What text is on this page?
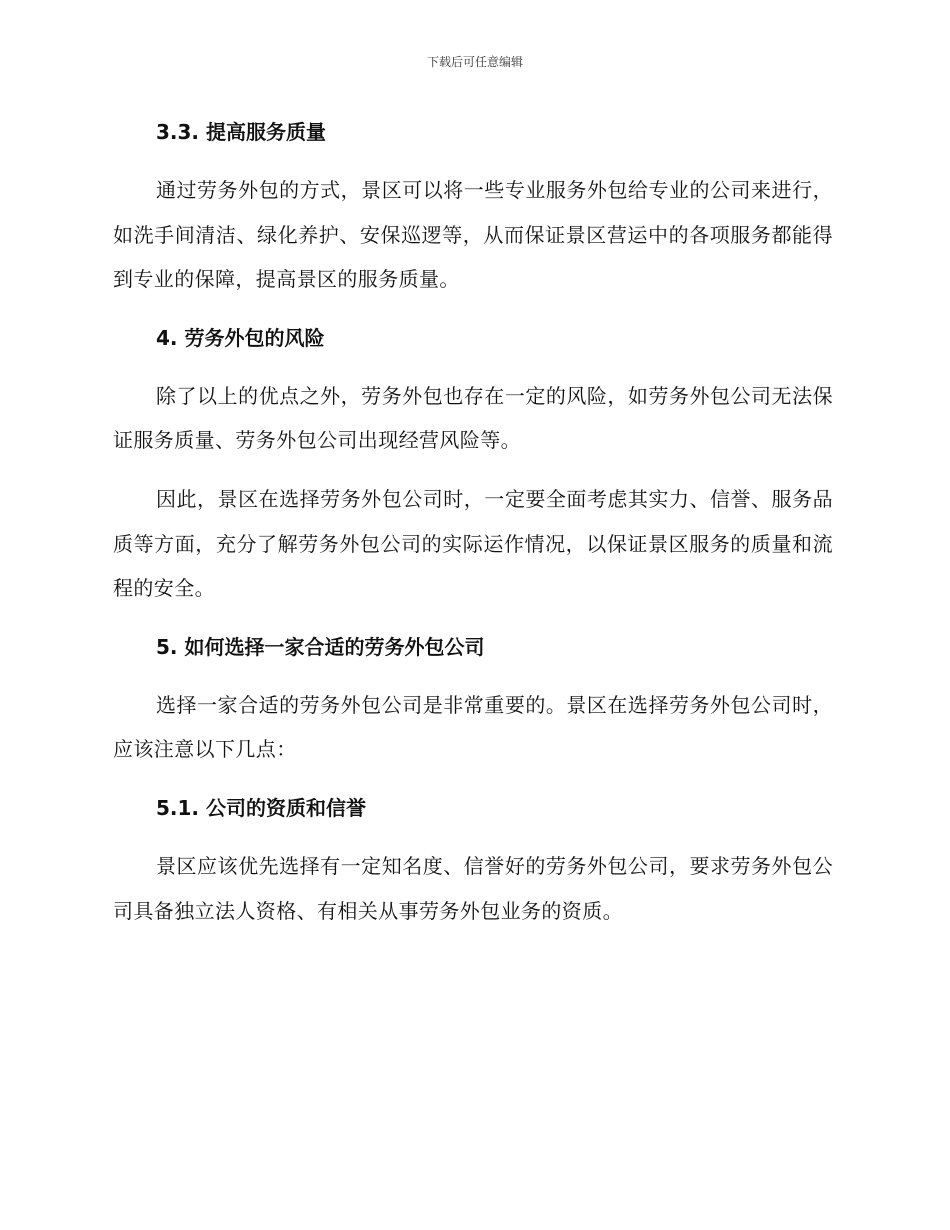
下载后可任意编辑
3.3. 提高服务质量

通过劳务外包的方式，景区可以将一些专业服务外包给专业的公司来进行，如洗手间清洁、绿化养护、安保巡逻等，从而保证景区营运中的各项服务都能得到专业的保障，提高景区的服务质量。

4. 劳务外包的风险

除了以上的优点之外，劳务外包也存在一定的风险，如劳务外包公司无法保证服务质量、劳务外包公司出现经营风险等。

因此，景区在选择劳务外包公司时，一定要全面考虑其实力、信誉、服务品质等方面，充分了解劳务外包公司的实际运作情况，以保证景区服务的质量和流程的安全。

5. 如何选择一家合适的劳务外包公司

选择一家合适的劳务外包公司是非常重要的。景区在选择劳务外包公司时，应该注意以下几点：

5.1. 公司的资质和信誉

景区应该优先选择有一定知名度、信誉好的劳务外包公司，要求劳务外包公司具备独立法人资格、有相关从事劳务外包业务的资质。
